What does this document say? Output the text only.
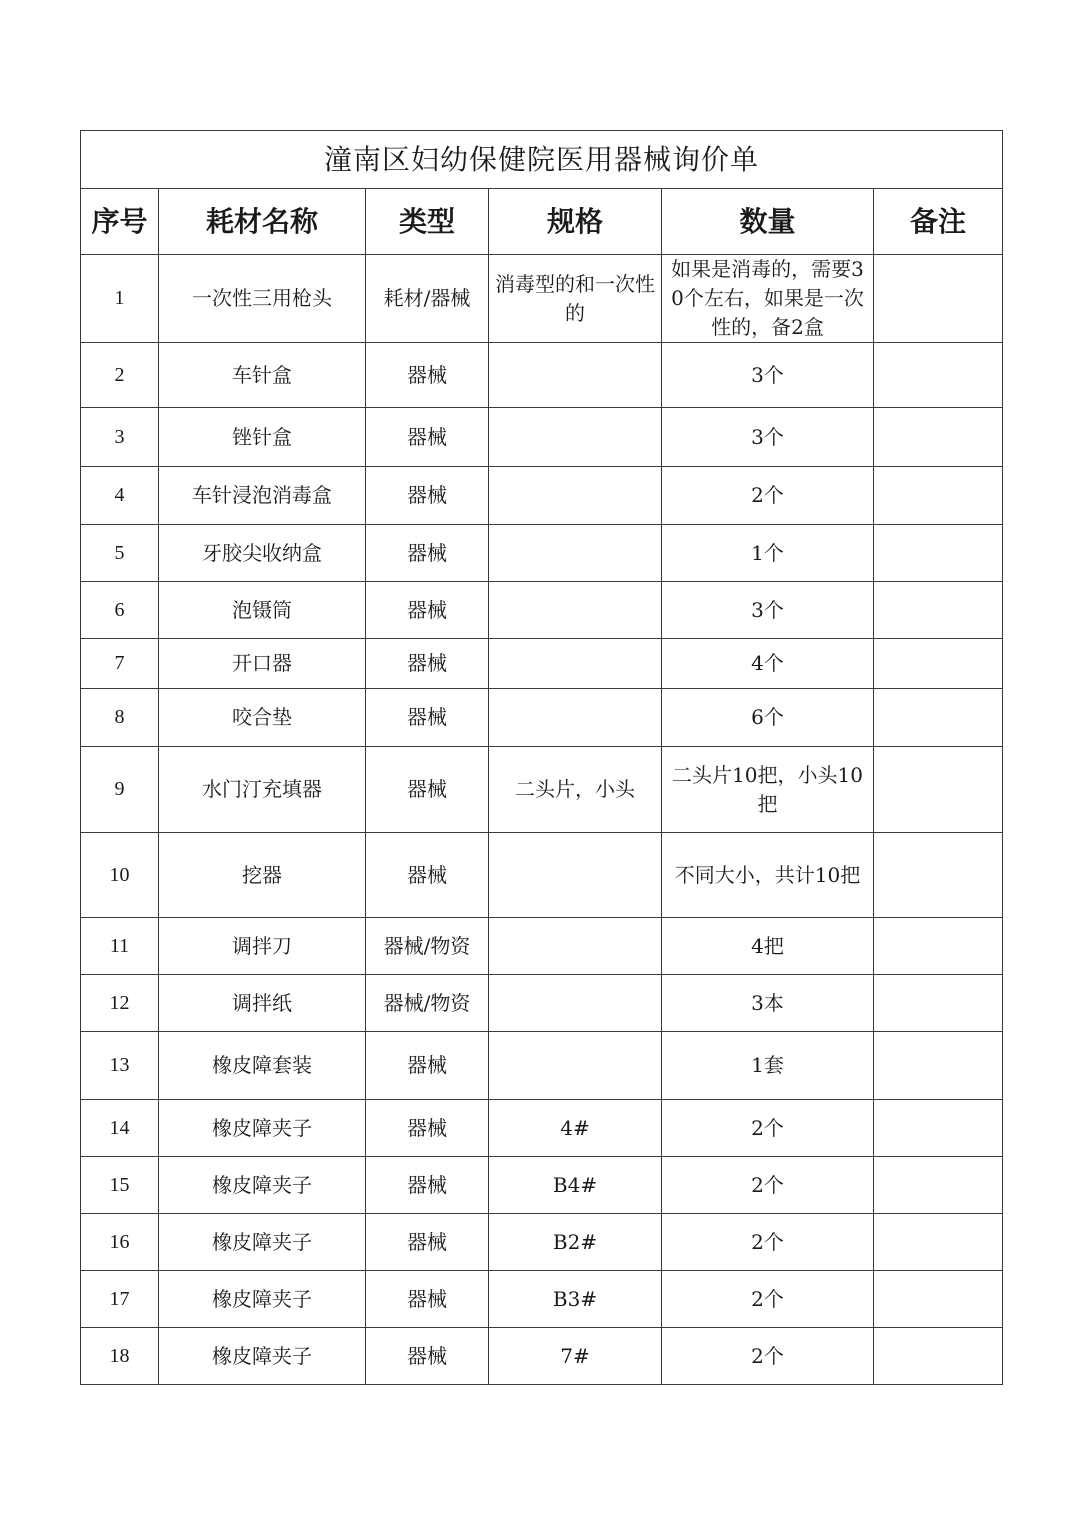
潼南区妇幼保健院医用器械询价单					
序号	耗材名称	类型	规格	数量	备注
1	一次性三用枪头	耗材/器械	消毒型的和一次性的	如果是消毒的，需要30个左右，如果是一次性的，备2盒	
2	车针盒	器械		3个	
3	锉针盒	器械		3个	
4	车针浸泡消毒盒	器械		2个	
5	牙胶尖收纳盒	器械		1个	
6	泡镊筒	器械		3个	
7	开口器	器械		4个	
8	咬合垫	器械		6个	
9	水门汀充填器	器械	二头片，小头	二头片10把，小头10把	
10	挖器	器械		不同大小，共计10把	
11	调拌刀	器械/物资		4把	
12	调拌纸	器械/物资		3本	
13	橡皮障套装	器械		1套	
14	橡皮障夹子	器械	4#	2个	
15	橡皮障夹子	器械	B4#	2个	
16	橡皮障夹子	器械	B2#	2个	
17	橡皮障夹子	器械	B3#	2个	
18	橡皮障夹子	器械	7#	2个	
